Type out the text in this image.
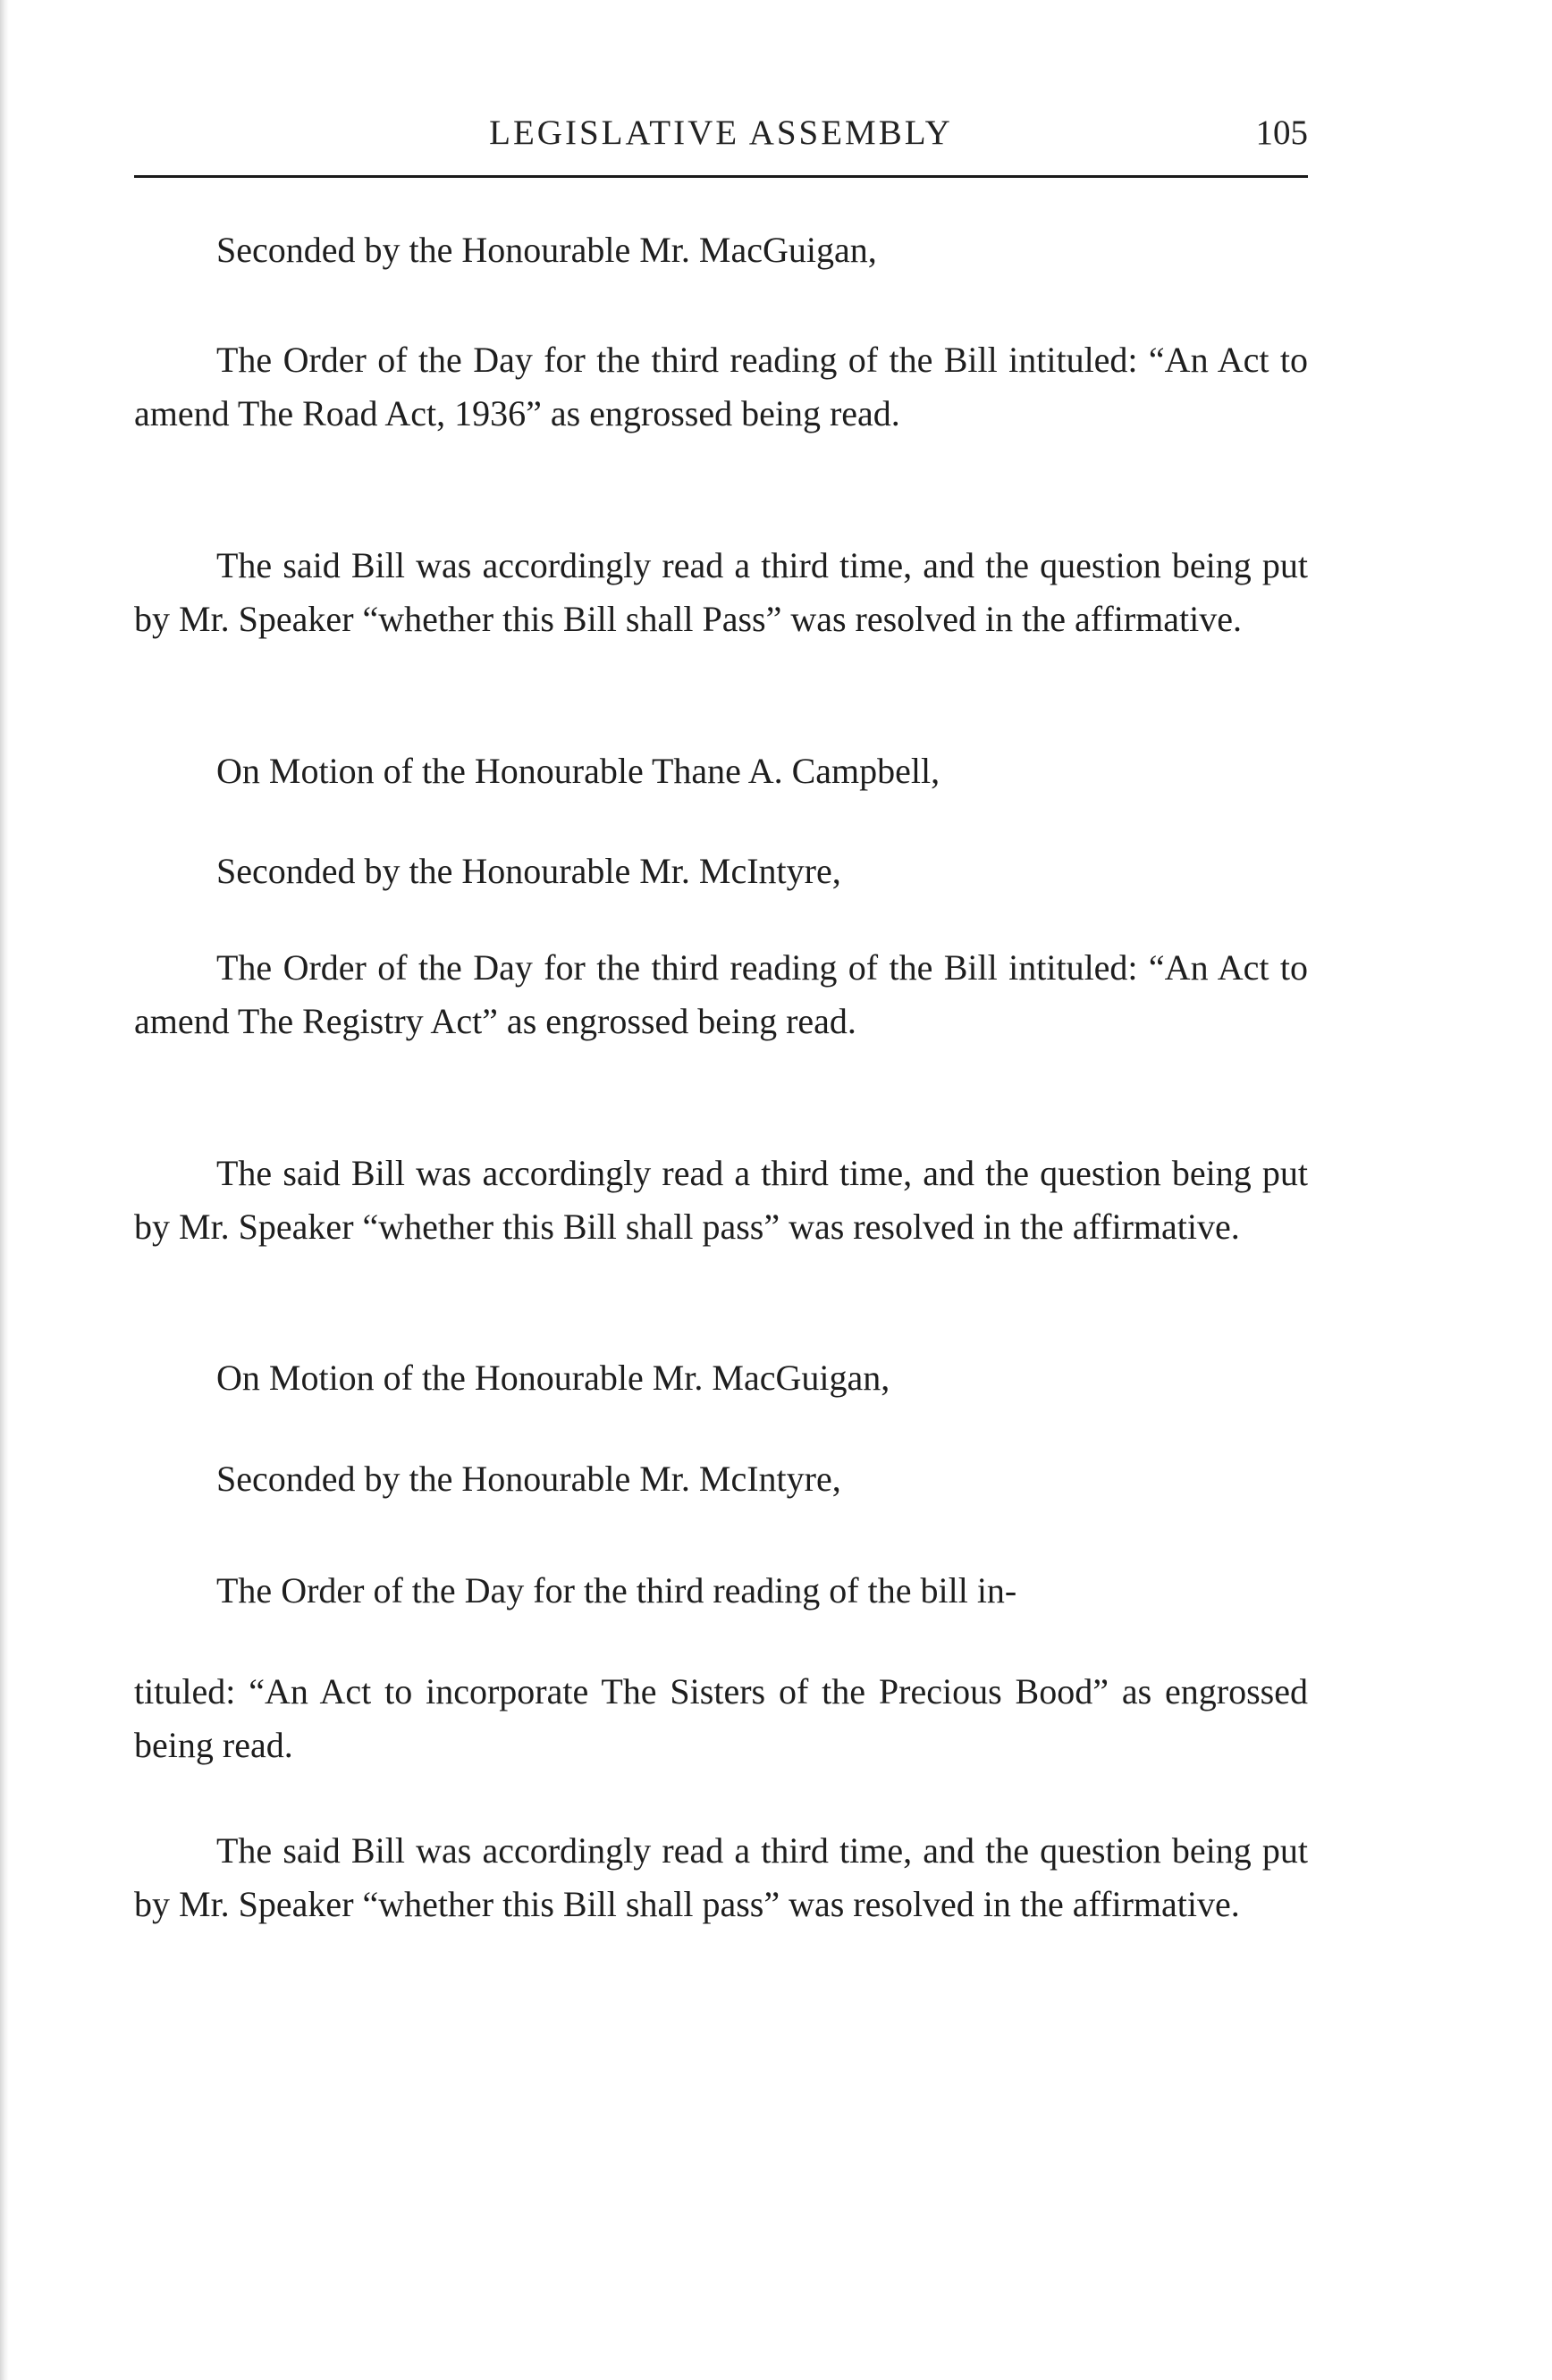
LEGISLATIVE ASSEMBLY	105

Seconded by the Honourable Mr. MacGuigan,

The Order of the Day for the third reading of the Bill intituled: “An Act to amend The Road Act, 1936” as engrossed being read.

The said Bill was accordingly read a third time, and the question being put by Mr. Speaker “whether this Bill shall Pass” was resolved in the affirmative.

On Motion of the Honourable Thane A. Campbell,

Seconded by the Honourable Mr. McIntyre,

The Order of the Day for the third reading of the Bill intituled: “An Act to amend The Registry Act” as engrossed being read.

The said Bill was accordingly read a third time, and the question being put by Mr. Speaker “whether this Bill shall pass” was resolved in the affirmative.

On Motion of the Honourable Mr. MacGuigan,

Seconded by the Honourable Mr. McIntyre,

The Order of the Day for the third reading of the bill in-

tituled: “An Act to incorporate The Sisters of the Precious Bood” as engrossed being read.

The said Bill was accordingly read a third time, and the question being put by Mr. Speaker “whether this Bill shall pass” was resolved in the affirmative.
